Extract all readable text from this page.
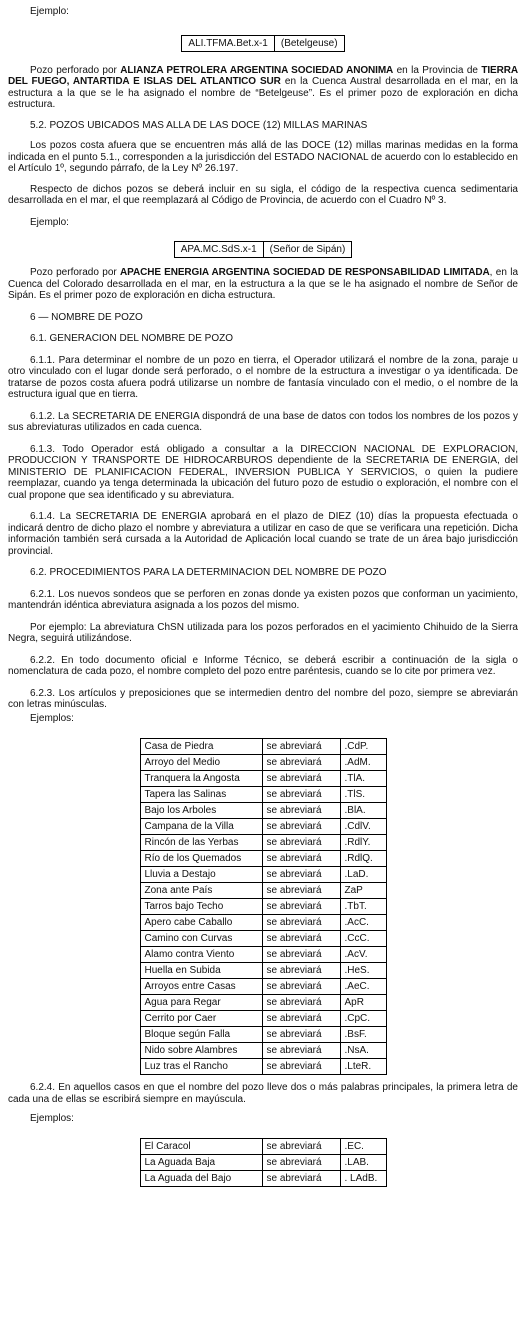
Ejemplo:

ALI.TFMA.Bet.x-1	(Betelgeuse)

Pozo perforado por ALIANZA PETROLERA ARGENTINA SOCIEDAD ANONIMA en la Provincia de TIERRA DEL FUEGO, ANTARTIDA E ISLAS DEL ATLANTICO SUR en la Cuenca Austral desarrollada en el mar, en la estructura a la que se le ha asignado el nombre de “Betelgeuse”. Es el primer pozo de exploración en dicha estructura.

5.2. POZOS UBICADOS MAS ALLA DE LAS DOCE (12) MILLAS MARINAS

Los pozos costa afuera que se encuentren más allá de las DOCE (12) millas marinas medidas en la forma indicada en el punto 5.1., corresponden a la jurisdicción del ESTADO NACIONAL de acuerdo con lo establecido en el Artículo 1º, segundo párrafo, de la Ley Nº 26.197.

Respecto de dichos pozos se deberá incluir en su sigla, el código de la respectiva cuenca sedimentaria desarrollada en el mar, el que reemplazará al Código de Provincia, de acuerdo con el Cuadro Nº 3.

Ejemplo:

APA.MC.SdS.x-1	(Señor de Sipán)

Pozo perforado por APACHE ENERGIA ARGENTINA SOCIEDAD DE RESPONSABILIDAD LIMITADA, en la Cuenca del Colorado desarrollada en el mar, en la estructura a la que se le ha asignado el nombre de Señor de Sipán. Es el primer pozo de exploración en dicha estructura.

6 — NOMBRE DE POZO

6.1. GENERACION DEL NOMBRE DE POZO

6.1.1. Para determinar el nombre de un pozo en tierra, el Operador utilizará el nombre de la zona, paraje u otro vinculado con el lugar donde será perforado, o el nombre de la estructura a investigar o ya identificada. De tratarse de pozos costa afuera podrá utilizarse un nombre de fantasía vinculado con el medio, o el nombre de la estructura igual que en tierra.

6.1.2. La SECRETARIA DE ENERGIA dispondrá de una base de datos con todos los nombres de los pozos y sus abreviaturas utilizados en cada cuenca.

6.1.3. Todo Operador está obligado a consultar a la DIRECCION NACIONAL DE EXPLORACION, PRODUCCION Y TRANSPORTE DE HIDROCARBUROS dependiente de la SECRETARIA DE ENERGIA, del MINISTERIO DE PLANIFICACION FEDERAL, INVERSION PUBLICA Y SERVICIOS, o quien la pudiere reemplazar, cuando ya tenga determinada la ubicación del futuro pozo de estudio o exploración, el nombre con el cual propone que sea identificado y su abreviatura.

6.1.4. La SECRETARIA DE ENERGIA aprobará en el plazo de DIEZ (10) días la propuesta efectuada o indicará dentro de dicho plazo el nombre y abreviatura a utilizar en caso de que se verificara una repetición. Dicha información también será cursada a la Autoridad de Aplicación local cuando se trate de un área bajo jurisdicción provincial.

6.2. PROCEDIMIENTOS PARA LA DETERMINACION DEL NOMBRE DE POZO

6.2.1. Los nuevos sondeos que se perforen en zonas donde ya existen pozos que conforman un yacimiento, mantendrán idéntica abreviatura asignada a los pozos del mismo.

Por ejemplo: La abreviatura ChSN utilizada para los pozos perforados en el yacimiento Chihuido de la Sierra Negra, seguirá utilizándose.

6.2.2. En todo documento oficial e Informe Técnico, se deberá escribir a continuación de la sigla o nomenclatura de cada pozo, el nombre completo del pozo entre paréntesis, cuando se lo cite por primera vez.

6.2.3. Los artículos y preposiciones que se intermedien dentro del nombre del pozo, siempre se abreviarán con letras minúsculas.

Ejemplos:

Casa de Piedra	se abreviará	.CdP.
Arroyo del Medio	se abreviará	.AdM.
Tranquera la Angosta	se abreviará	.TlA.
Tapera las Salinas	se abreviará	.TlS.
Bajo los Arboles	se abreviará	.BlA.
Campana de la Villa	se abreviará	.CdlV.
Rincón de las Yerbas	se abreviará	.RdlY.
Río de los Quemados	se abreviará	.RdlQ.
Lluvia a Destajo	se abreviará	.LaD.
Zona ante País	se abreviará	ZaP
Tarros bajo Techo	se abreviará	.TbT.
Apero cabe Caballo	se abreviará	.AcC.
Camino con Curvas	se abreviará	.CcC.
Alamo contra Viento	se abreviará	.AcV.
Huella en Subida	se abreviará	.HeS.
Arroyos entre Casas	se abreviará	.AeC.
Agua para Regar	se abreviará	ApR
Cerrito por Caer	se abreviará	.CpC.
Bloque según Falla	se abreviará	.BsF.
Nido sobre Alambres	se abreviará	.NsA.
Luz tras el Rancho	se abreviará	.LteR.

6.2.4. En aquellos casos en que el nombre del pozo lleve dos o más palabras principales, la primera letra de cada una de ellas se escribirá siempre en mayúscula.

Ejemplos:

El Caracol	se abreviará	.EC.
La Aguada Baja	se abreviará	.LAB.
La Aguada del Bajo	se abreviará	. LAdB.
